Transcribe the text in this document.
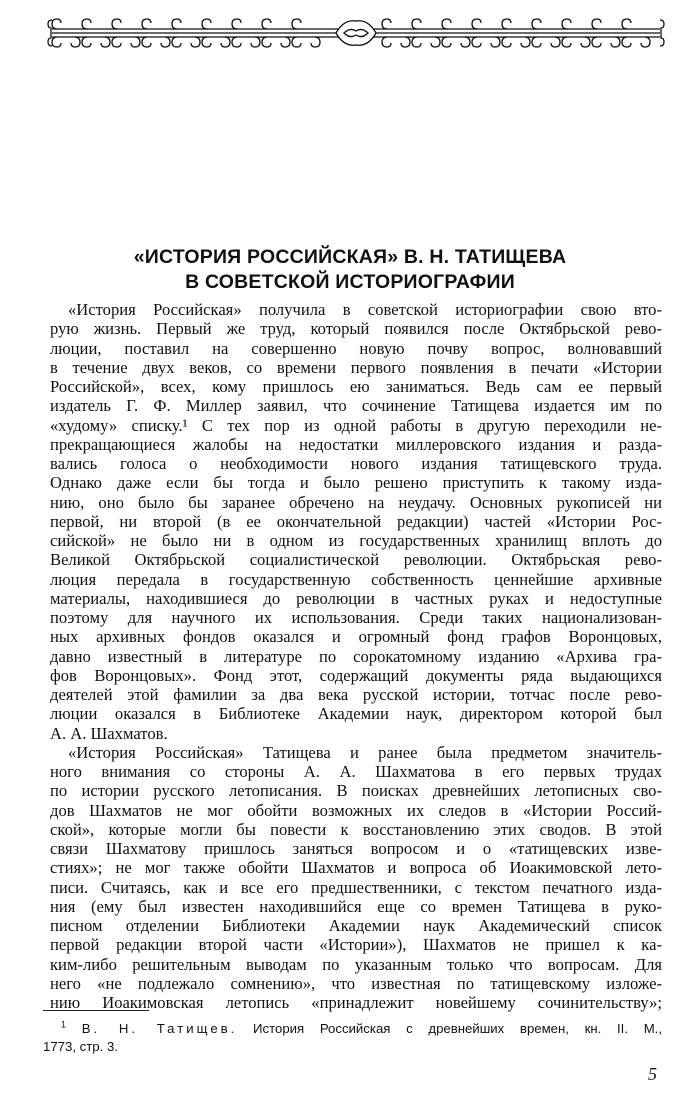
«ИСТОРИЯ РОССИЙСКАЯ» В. Н. ТАТИЩЕВА
В СОВЕТСКОЙ ИСТОРИОГРАФИИ
«История Российская» получила в советской историографии свою вто-
рую жизнь. Первый же труд, который появился после Октябрьской рево-
люции, поставил на совершенно новую почву вопрос, волновавший
в течение двух веков, со времени первого появления в печати «Истории
Российской», всех, кому пришлось ею заниматься. Ведь сам ее первый
издатель Г. Ф. Миллер заявил, что сочинение Татищева издается им по
«худому» списку.¹ С тех пор из одной работы в другую переходили не-
прекращающиеся жалобы на недостатки миллеровского издания и разда-
вались голоса о необходимости нового издания татищевского труда.
Однако даже если бы тогда и было решено приступить к такому изда-
нию, оно было бы заранее обречено на неудачу. Основных рукописей ни
первой, ни второй (в ее окончательной редакции) частей «Истории Рос-
сийской» не было ни в одном из государственных хранилищ вплоть до
Великой Октябрьской социалистической революции. Октябрьская рево-
люция передала в государственную собственность ценнейшие архивные
материалы, находившиеся до революции в частных руках и недоступные
поэтому для научного их использования. Среди таких национализован-
ных архивных фондов оказался и огромный фонд графов Воронцовых,
давно известный в литературе по сорокатомному изданию «Архива гра-
фов Воронцовых». Фонд этот, содержащий документы ряда выдающихся
деятелей этой фамилии за два века русской истории, тотчас после рево-
люции оказался в Библиотеке Академии наук, директором которой был
А. А. Шахматов.
«История Российская» Татищева и ранее была предметом значитель-
ного внимания со стороны А. А. Шахматова в его первых трудах
по истории русского летописания. В поисках древнейших летописных сво-
дов Шахматов не мог обойти возможных их следов в «Истории Россий-
ской», которые могли бы повести к восстановлению этих сводов. В этой
связи Шахматову пришлось заняться вопросом и о «татищевских изве-
стиях»; не мог также обойти Шахматов и вопроса об Иоакимовской лето-
писи. Считаясь, как и все его предшественники, с текстом печатного изда-
ния (ему был известен находившийся еще со времен Татищева в руко-
писном отделении Библиотеки Академии наук Академический список
первой редакции второй части «Истории»), Шахматов не пришел к ка-
ким-либо решительным выводам по указанным только что вопросам. Для
него «не подлежало сомнению», что известная по татищевскому изложе-
нию Иоакимовская летопись «принадлежит новейшему сочинительству»;
$^1$ В. Н. Татищев. История Российская с древнейших времен, кн. II. М.,
1773, стр. 3.
5
